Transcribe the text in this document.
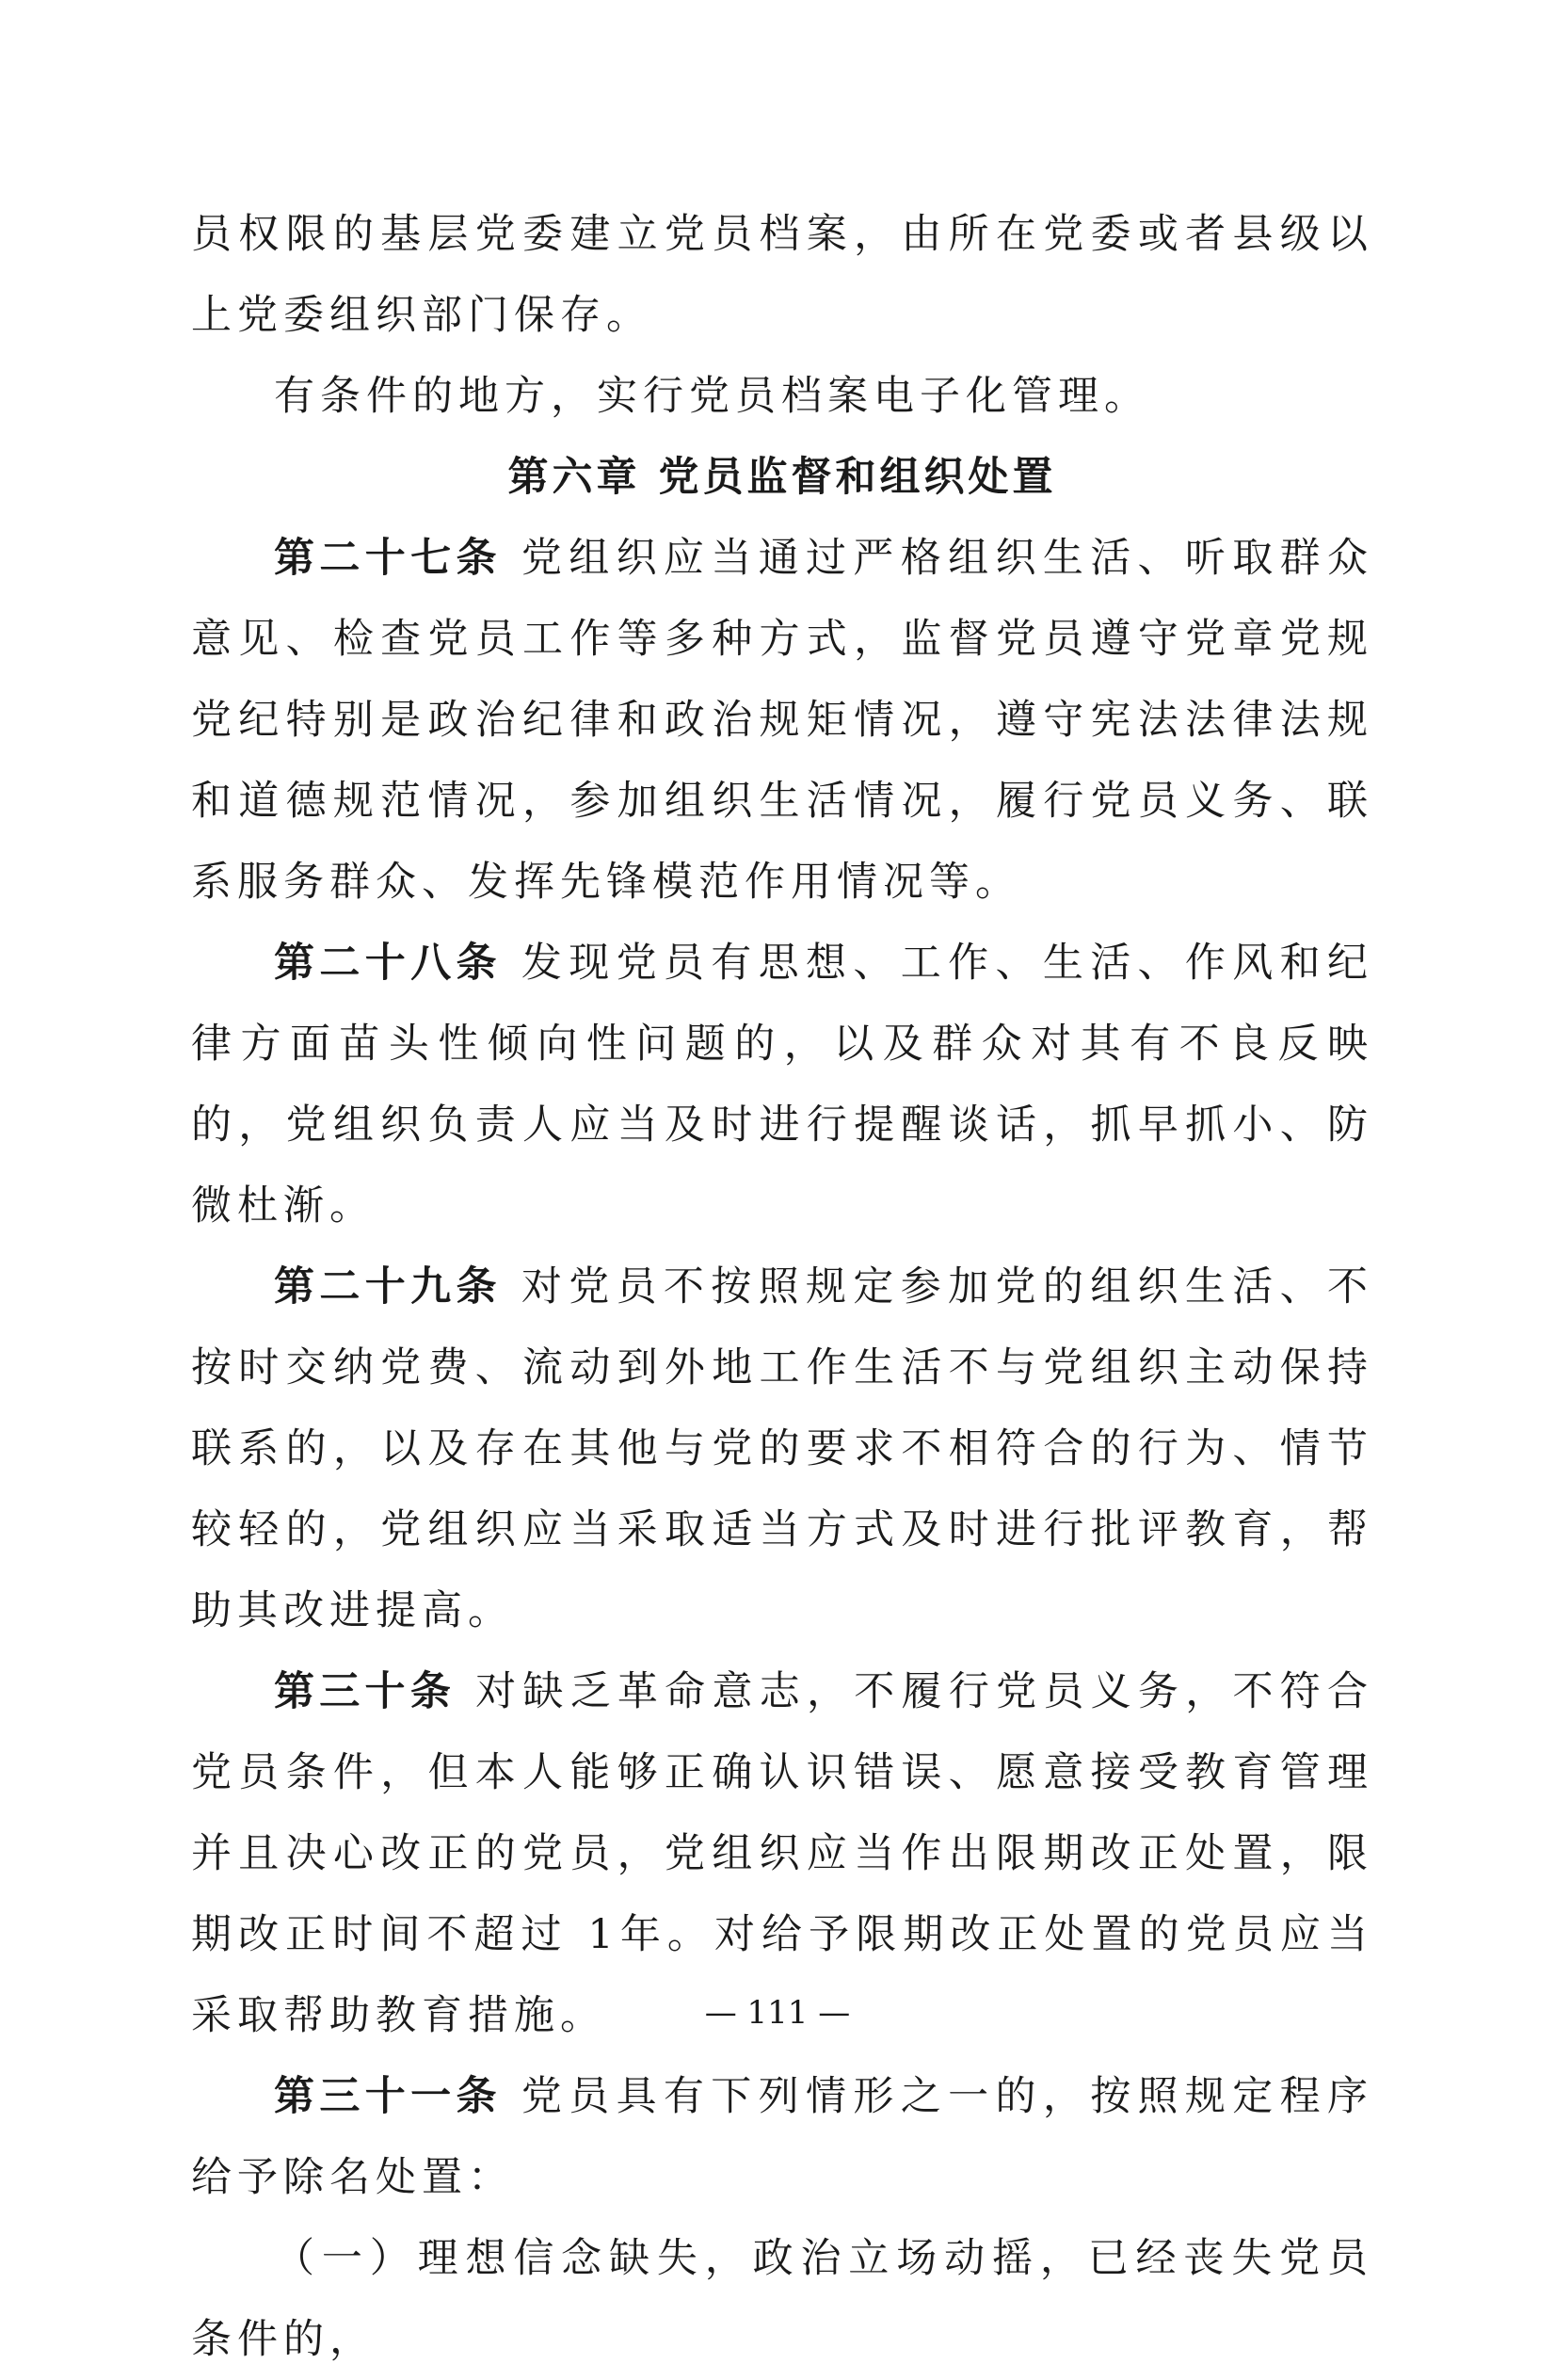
员权限的基层党委建立党员档案，由所在党委或者县级以上党委组织部门保存。

有条件的地方，实行党员档案电子化管理。

第六章 党员监督和组织处置

第二十七条 党组织应当通过严格组织生活、听取群众意见、检查党员工作等多种方式，监督党员遵守党章党规党纪特别是政治纪律和政治规矩情况，遵守宪法法律法规和道德规范情况，参加组织生活情况，履行党员义务、联系服务群众、发挥先锋模范作用情况等。

第二十八条 发现党员有思想、工作、生活、作风和纪律方面苗头性倾向性问题的，以及群众对其有不良反映的，党组织负责人应当及时进行提醒谈话，抓早抓小、防微杜渐。

第二十九条 对党员不按照规定参加党的组织生活、不按时交纳党费、流动到外地工作生活不与党组织主动保持联系的，以及存在其他与党的要求不相符合的行为、情节较轻的，党组织应当采取适当方式及时进行批评教育，帮助其改进提高。

第三十条 对缺乏革命意志，不履行党员义务，不符合党员条件，但本人能够正确认识错误、愿意接受教育管理并且决心改正的党员，党组织应当作出限期改正处置，限期改正时间不超过 1年。对给予限期改正处置的党员应当采取帮助教育措施。

第三十一条 党员具有下列情形之一的，按照规定程序给予除名处置：

（一）理想信念缺失，政治立场动摇，已经丧失党员条件的，

— 111 —
